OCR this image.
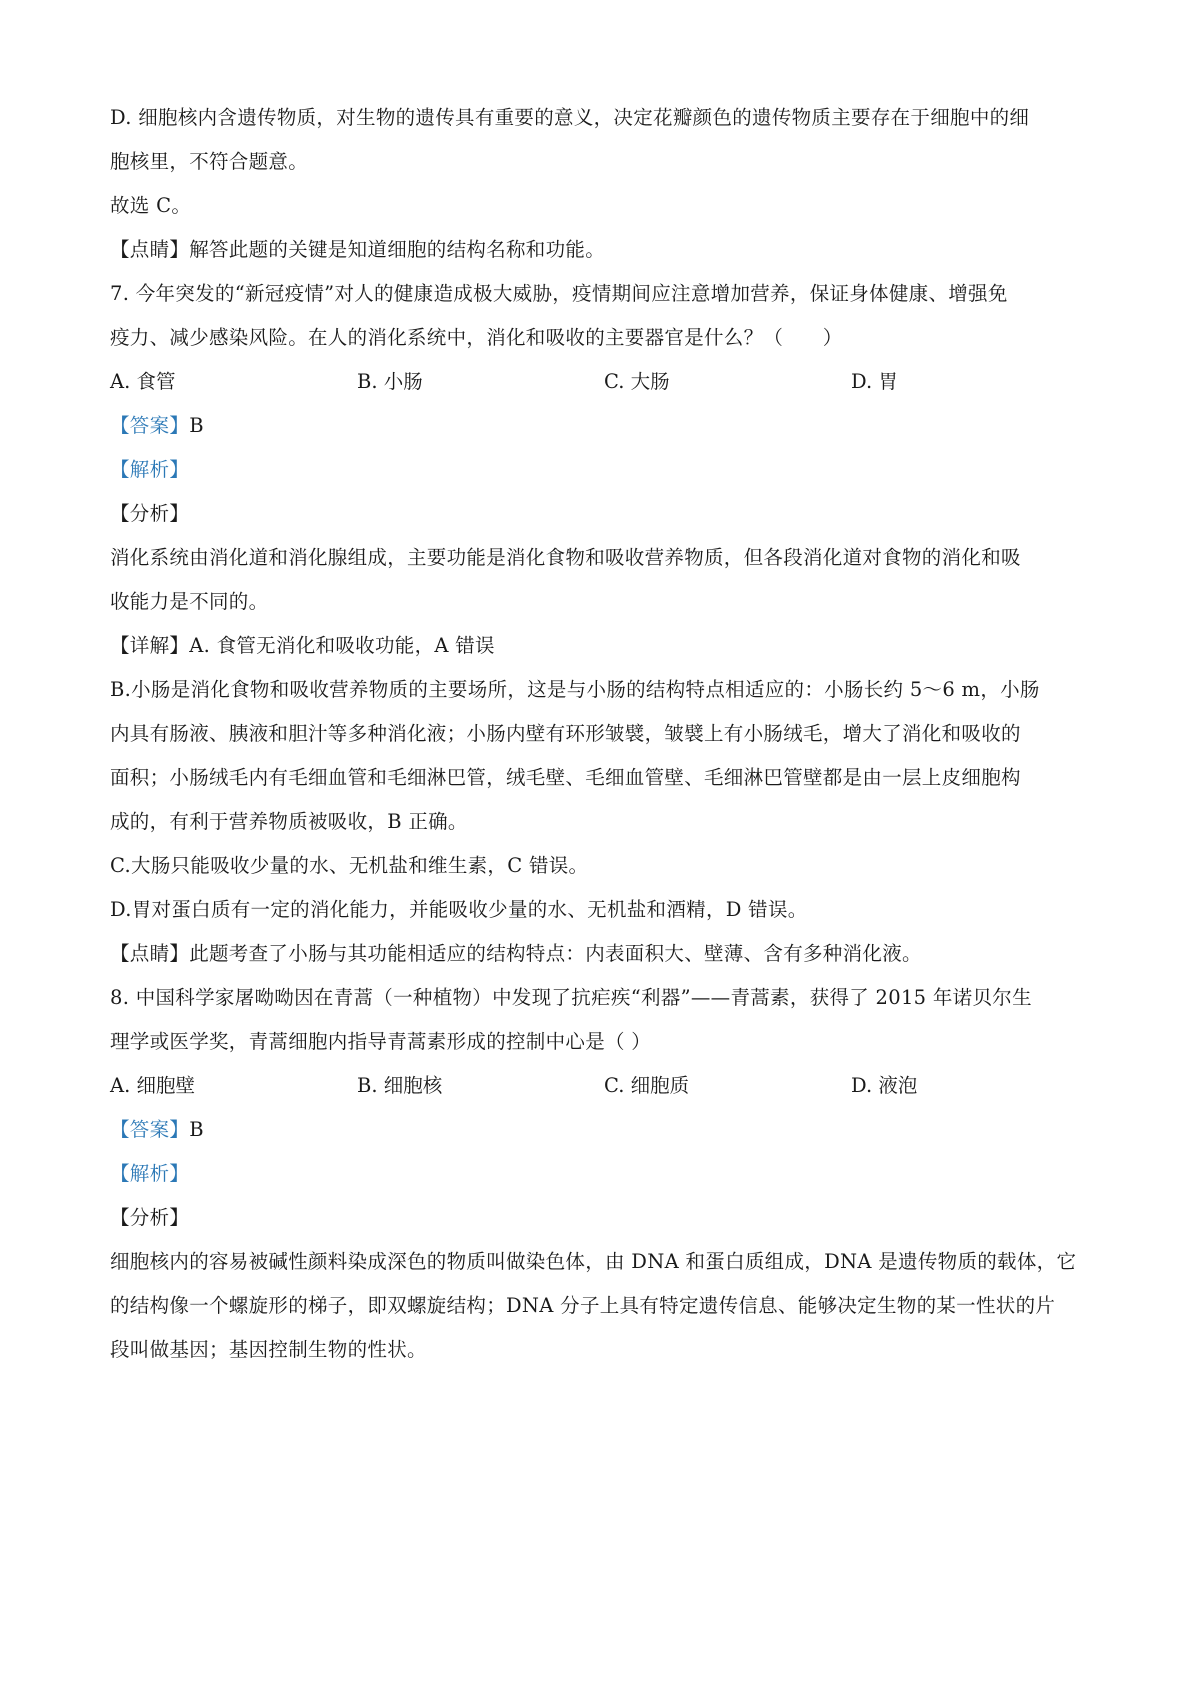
D. 细胞核内含遗传物质，对生物的遗传具有重要的意义，决定花瓣颜色的遗传物质主要存在于细胞中的细

胞核里，不符合题意。

故选 C。

【点睛】解答此题的关键是知道细胞的结构名称和功能。

7. 今年突发的“新冠疫情”对人的健康造成极大威胁，疫情期间应注意增加营养，保证身体健康、增强免

疫力、减少感染风险。在人的消化系统中，消化和吸收的主要器官是什么？（　　）

A. 食管	B. 小肠	C. 大肠	D. 胃

【答案】B

【解析】

【分析】

消化系统由消化道和消化腺组成，主要功能是消化食物和吸收营养物质，但各段消化道对食物的消化和吸

收能力是不同的。

【详解】A. 食管无消化和吸收功能，A 错误

B.小肠是消化食物和吸收营养物质的主要场所，这是与小肠的结构特点相适应的：小肠长约 5～6 m，小肠

内具有肠液、胰液和胆汁等多种消化液；小肠内壁有环形皱襞，皱襞上有小肠绒毛，增大了消化和吸收的

面积；小肠绒毛内有毛细血管和毛细淋巴管，绒毛壁、毛细血管壁、毛细淋巴管壁都是由一层上皮细胞构

成的，有利于营养物质被吸收，B 正确。

C.大肠只能吸收少量的水、无机盐和维生素，C 错误。

D.胃对蛋白质有一定的消化能力，并能吸收少量的水、无机盐和酒精，D 错误。

【点睛】此题考查了小肠与其功能相适应的结构特点：内表面积大、壁薄、含有多种消化液。

8. 中国科学家屠呦呦因在青蒿（一种植物）中发现了抗疟疾“利器”——青蒿素，获得了 2015 年诺贝尔生

理学或医学奖，青蒿细胞内指导青蒿素形成的控制中心是（ ）

A. 细胞壁	B. 细胞核	C. 细胞质	D. 液泡

【答案】B

【解析】

【分析】

细胞核内的容易被碱性颜料染成深色的物质叫做染色体，由 DNA 和蛋白质组成，DNA 是遗传物质的载体，它

的结构像一个螺旋形的梯子，即双螺旋结构；DNA 分子上具有特定遗传信息、能够决定生物的某一性状的片

段叫做基因；基因控制生物的性状。
